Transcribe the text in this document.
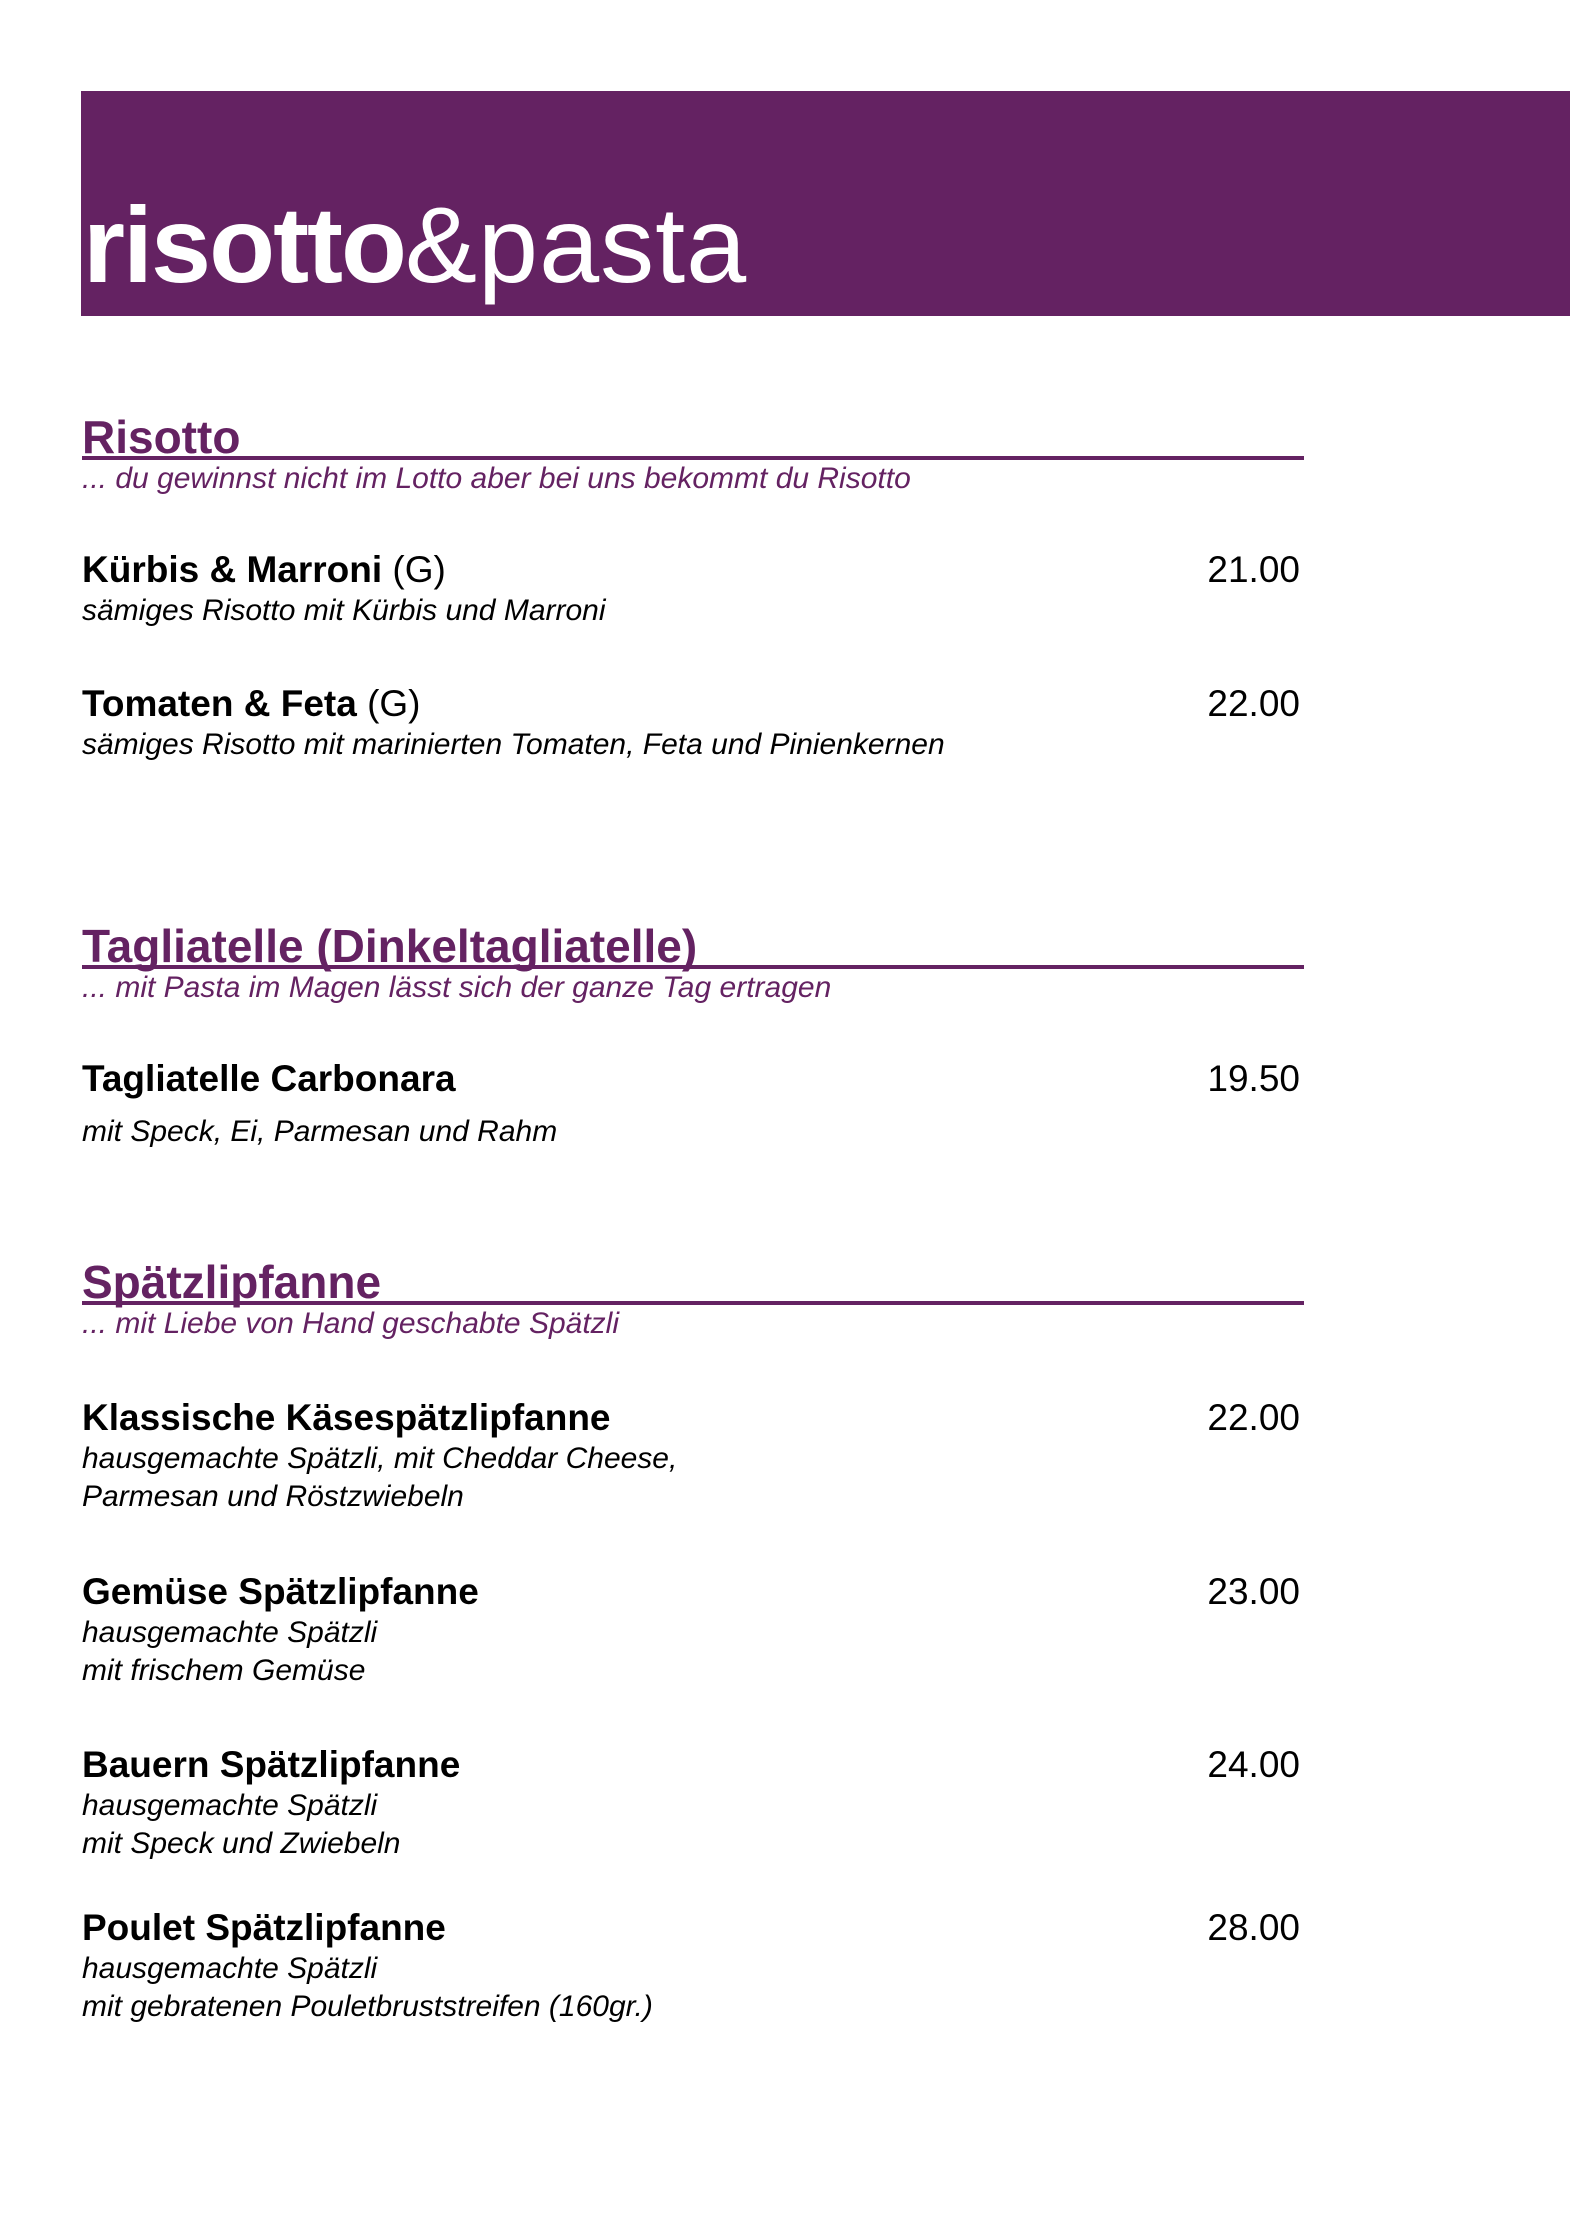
risotto&pasta
Risotto

... du gewinnst nicht im Lotto aber bei uns bekommt du Risotto

Kürbis & Marroni (G)	21.00

sämiges Risotto mit Kürbis und Marroni

Tomaten & Feta (G)	22.00

sämiges Risotto mit marinierten Tomaten, Feta und Pinienkernen

Tagliatelle (Dinkeltagliatelle)

... mit Pasta im Magen lässt sich der ganze Tag ertragen

Tagliatelle Carbonara	19.50

mit Speck, Ei, Parmesan und Rahm

Spätzlipfanne

... mit Liebe von Hand geschabte Spätzli

Klassische Käsespätzlipfanne	22.00

hausgemachte Spätzli, mit Cheddar Cheese,

Parmesan und Röstzwiebeln

Gemüse Spätzlipfanne	23.00

hausgemachte Spätzli

mit frischem Gemüse

Bauern Spätzlipfanne	24.00

hausgemachte Spätzli

mit Speck und Zwiebeln

Poulet Spätzlipfanne	28.00

hausgemachte Spätzli

mit gebratenen Pouletbruststreifen (160gr.)
